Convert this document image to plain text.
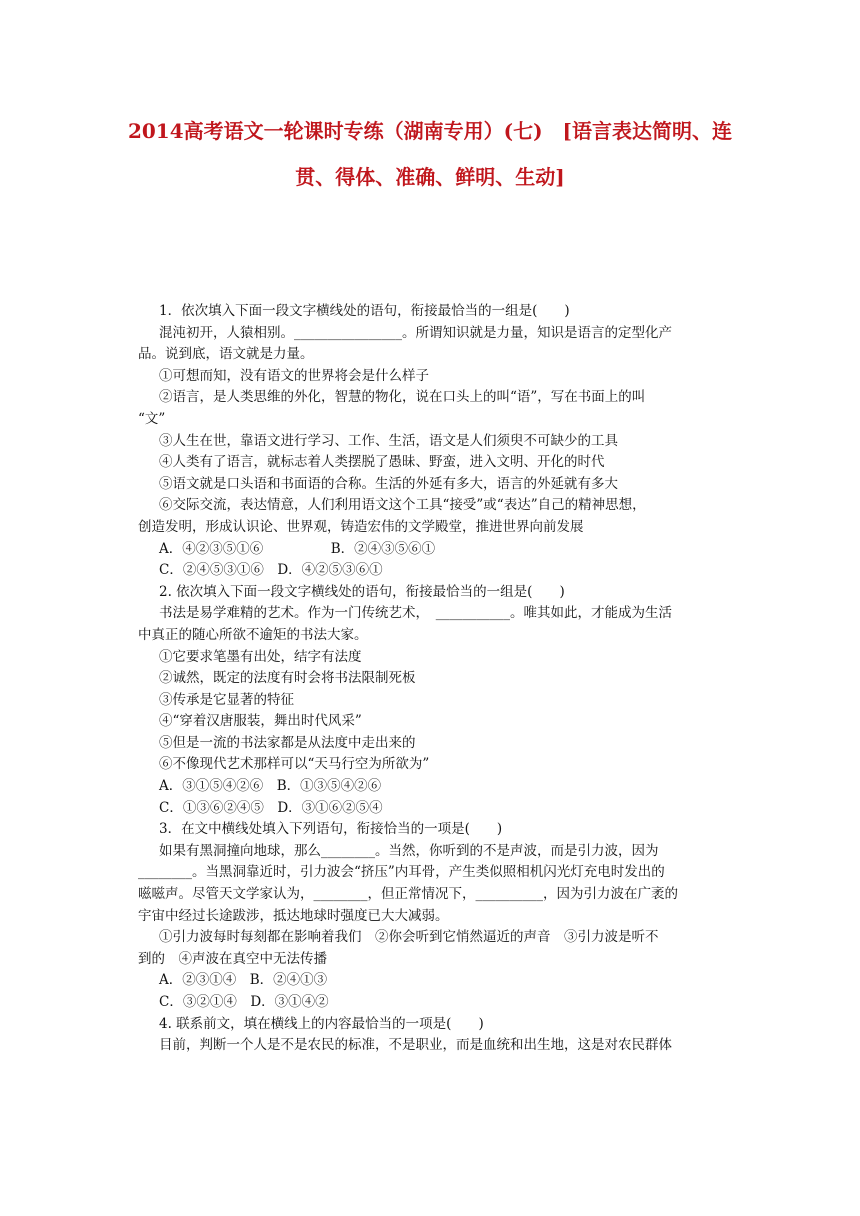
2014高考语文一轮课时专练（湖南专用）(七)　[语言表达简明、连
贯、得体、准确、鲜明、生动]
1．依次填入下面一段文字横线处的语句，衔接最恰当的一组是(　　)
混沌初开，人猿相别。________________。所谓知识就是力量，知识是语言的定型化产
品。说到底，语文就是力量。
①可想而知，没有语文的世界将会是什么样子
②语言，是人类思维的外化，智慧的物化，说在口头上的叫“语”，写在书面上的叫
“文”
③人生在世，靠语文进行学习、工作、生活，语文是人们须臾不可缺少的工具
④人类有了语言，就标志着人类摆脱了愚昧、野蛮，进入文明、开化的时代
⑤语文就是口头语和书面语的合称。生活的外延有多大，语言的外延就有多大
⑥交际交流，表达情意，人们利用语文这个工具“接受”或“表达”自己的精神思想，
创造发明，形成认识论、世界观，铸造宏伟的文学殿堂，推进世界向前发展
A．④②③⑤①⑥　　　　　B．②④③⑤⑥①
C．②④⑤③①⑥　D．④②⑤③⑥①
2. 依次填入下面一段文字横线处的语句，衔接最恰当的一组是(　　)
书法是易学难精的艺术。作为一门传统艺术，　___________。唯其如此，才能成为生活
中真正的随心所欲不逾矩的书法大家。
①它要求笔墨有出处，结字有法度
②诚然，既定的法度有时会将书法限制死板
③传承是它显著的特征
④“穿着汉唐服装，舞出时代风采”
⑤但是一流的书法家都是从法度中走出来的
⑥不像现代艺术那样可以“天马行空为所欲为”
A．③①⑤④②⑥　B．①③⑤④②⑥
C．①③⑥②④⑤　D．③①⑥②⑤④
3．在文中横线处填入下列语句，衔接恰当的一项是(　　)
如果有黑洞撞向地球，那么________。当然，你听到的不是声波，而是引力波，因为
________。当黑洞靠近时，引力波会“挤压”内耳骨，产生类似照相机闪光灯充电时发出的
嗞嗞声。尽管天文学家认为，________，但正常情况下，__________，因为引力波在广袤的
宇宙中经过长途跋涉，抵达地球时强度已大大减弱。
①引力波每时每刻都在影响着我们　②你会听到它悄然逼近的声音　③引力波是听不
到的　④声波在真空中无法传播
A．②③①④　B．②④①③
C．③②①④　D．③①④②
4. 联系前文，填在横线上的内容最恰当的一项是(　　)
目前，判断一个人是不是农民的标准，不是职业，而是血统和出生地，这是对农民群体
